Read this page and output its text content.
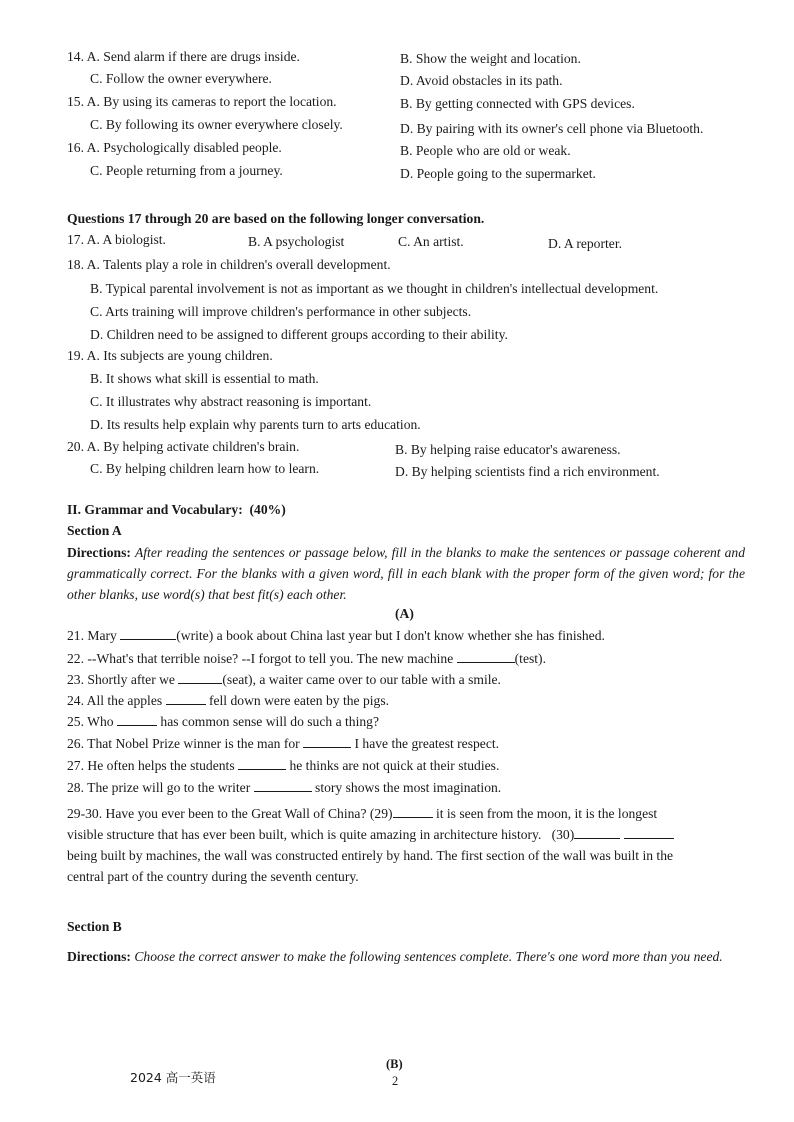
14. A. Send alarm if there are drugs inside.	B. Show the weight and location.
C. Follow the owner everywhere.	D. Avoid obstacles in its path.
15. A. By using its cameras to report the location.	B. By getting connected with GPS devices.
C. By following its owner everywhere closely.	D. By pairing with its owner's cell phone via Bluetooth.
16. A. Psychologically disabled people.	B. People who are old or weak.
C. People returning from a journey.	D. People going to the supermarket.
Questions 17 through 20 are based on the following longer conversation.
17. A. A biologist.	B. A psychologist	C. An artist.	D. A reporter.
18. A. Talents play a role in children's overall development.
B. Typical parental involvement is not as important as we thought in children's intellectual development.
C. Arts training will improve children's performance in other subjects.
D. Children need to be assigned to different groups according to their ability.
19. A. Its subjects are young children.
B. It shows what skill is essential to math.
C. It illustrates why abstract reasoning is important.
D. Its results help explain why parents turn to arts education.
20. A. By helping activate children's brain.	B. By helping raise educator's awareness.
C. By helping children learn how to learn.	D. By helping scientists find a rich environment.
II. Grammar and Vocabulary: (40%)
Section A
Directions: After reading the sentences or passage below, fill in the blanks to make the sentences or passage coherent and grammatically correct. For the blanks with a given word, fill in each blank with the proper form of the given word; for the other blanks, use word(s) that best fit(s) each other.
(A)
21. Mary	(write) a book about China last year but I don't know whether she has finished.
22. --What's that terrible noise? --I forgot to tell you. The new machine	(test).
23. Shortly after we	(seat), a waiter came over to our table with a smile.
24. All the apples	fell down were eaten by the pigs.
25. Who	has common sense will do such a thing?
26. That Nobel Prize winner is the man for	I have the greatest respect.
27. He often helps the students	he thinks are not quick at their studies.
28. The prize will go to the writer	story shows the most imagination.
29-30. Have you ever been to the Great Wall of China? (29)	it is seen from the moon, it is the longest
visible structure that has ever been built, which is quite amazing in architecture history. (30)
being built by machines, the wall was constructed entirely by hand. The first section of the wall was built in the
central part of the country during the seventh century.
Section B
Directions: Choose the correct answer to make the following sentences complete. There's one word more than you need.
(B)
2024 高一英语	2
